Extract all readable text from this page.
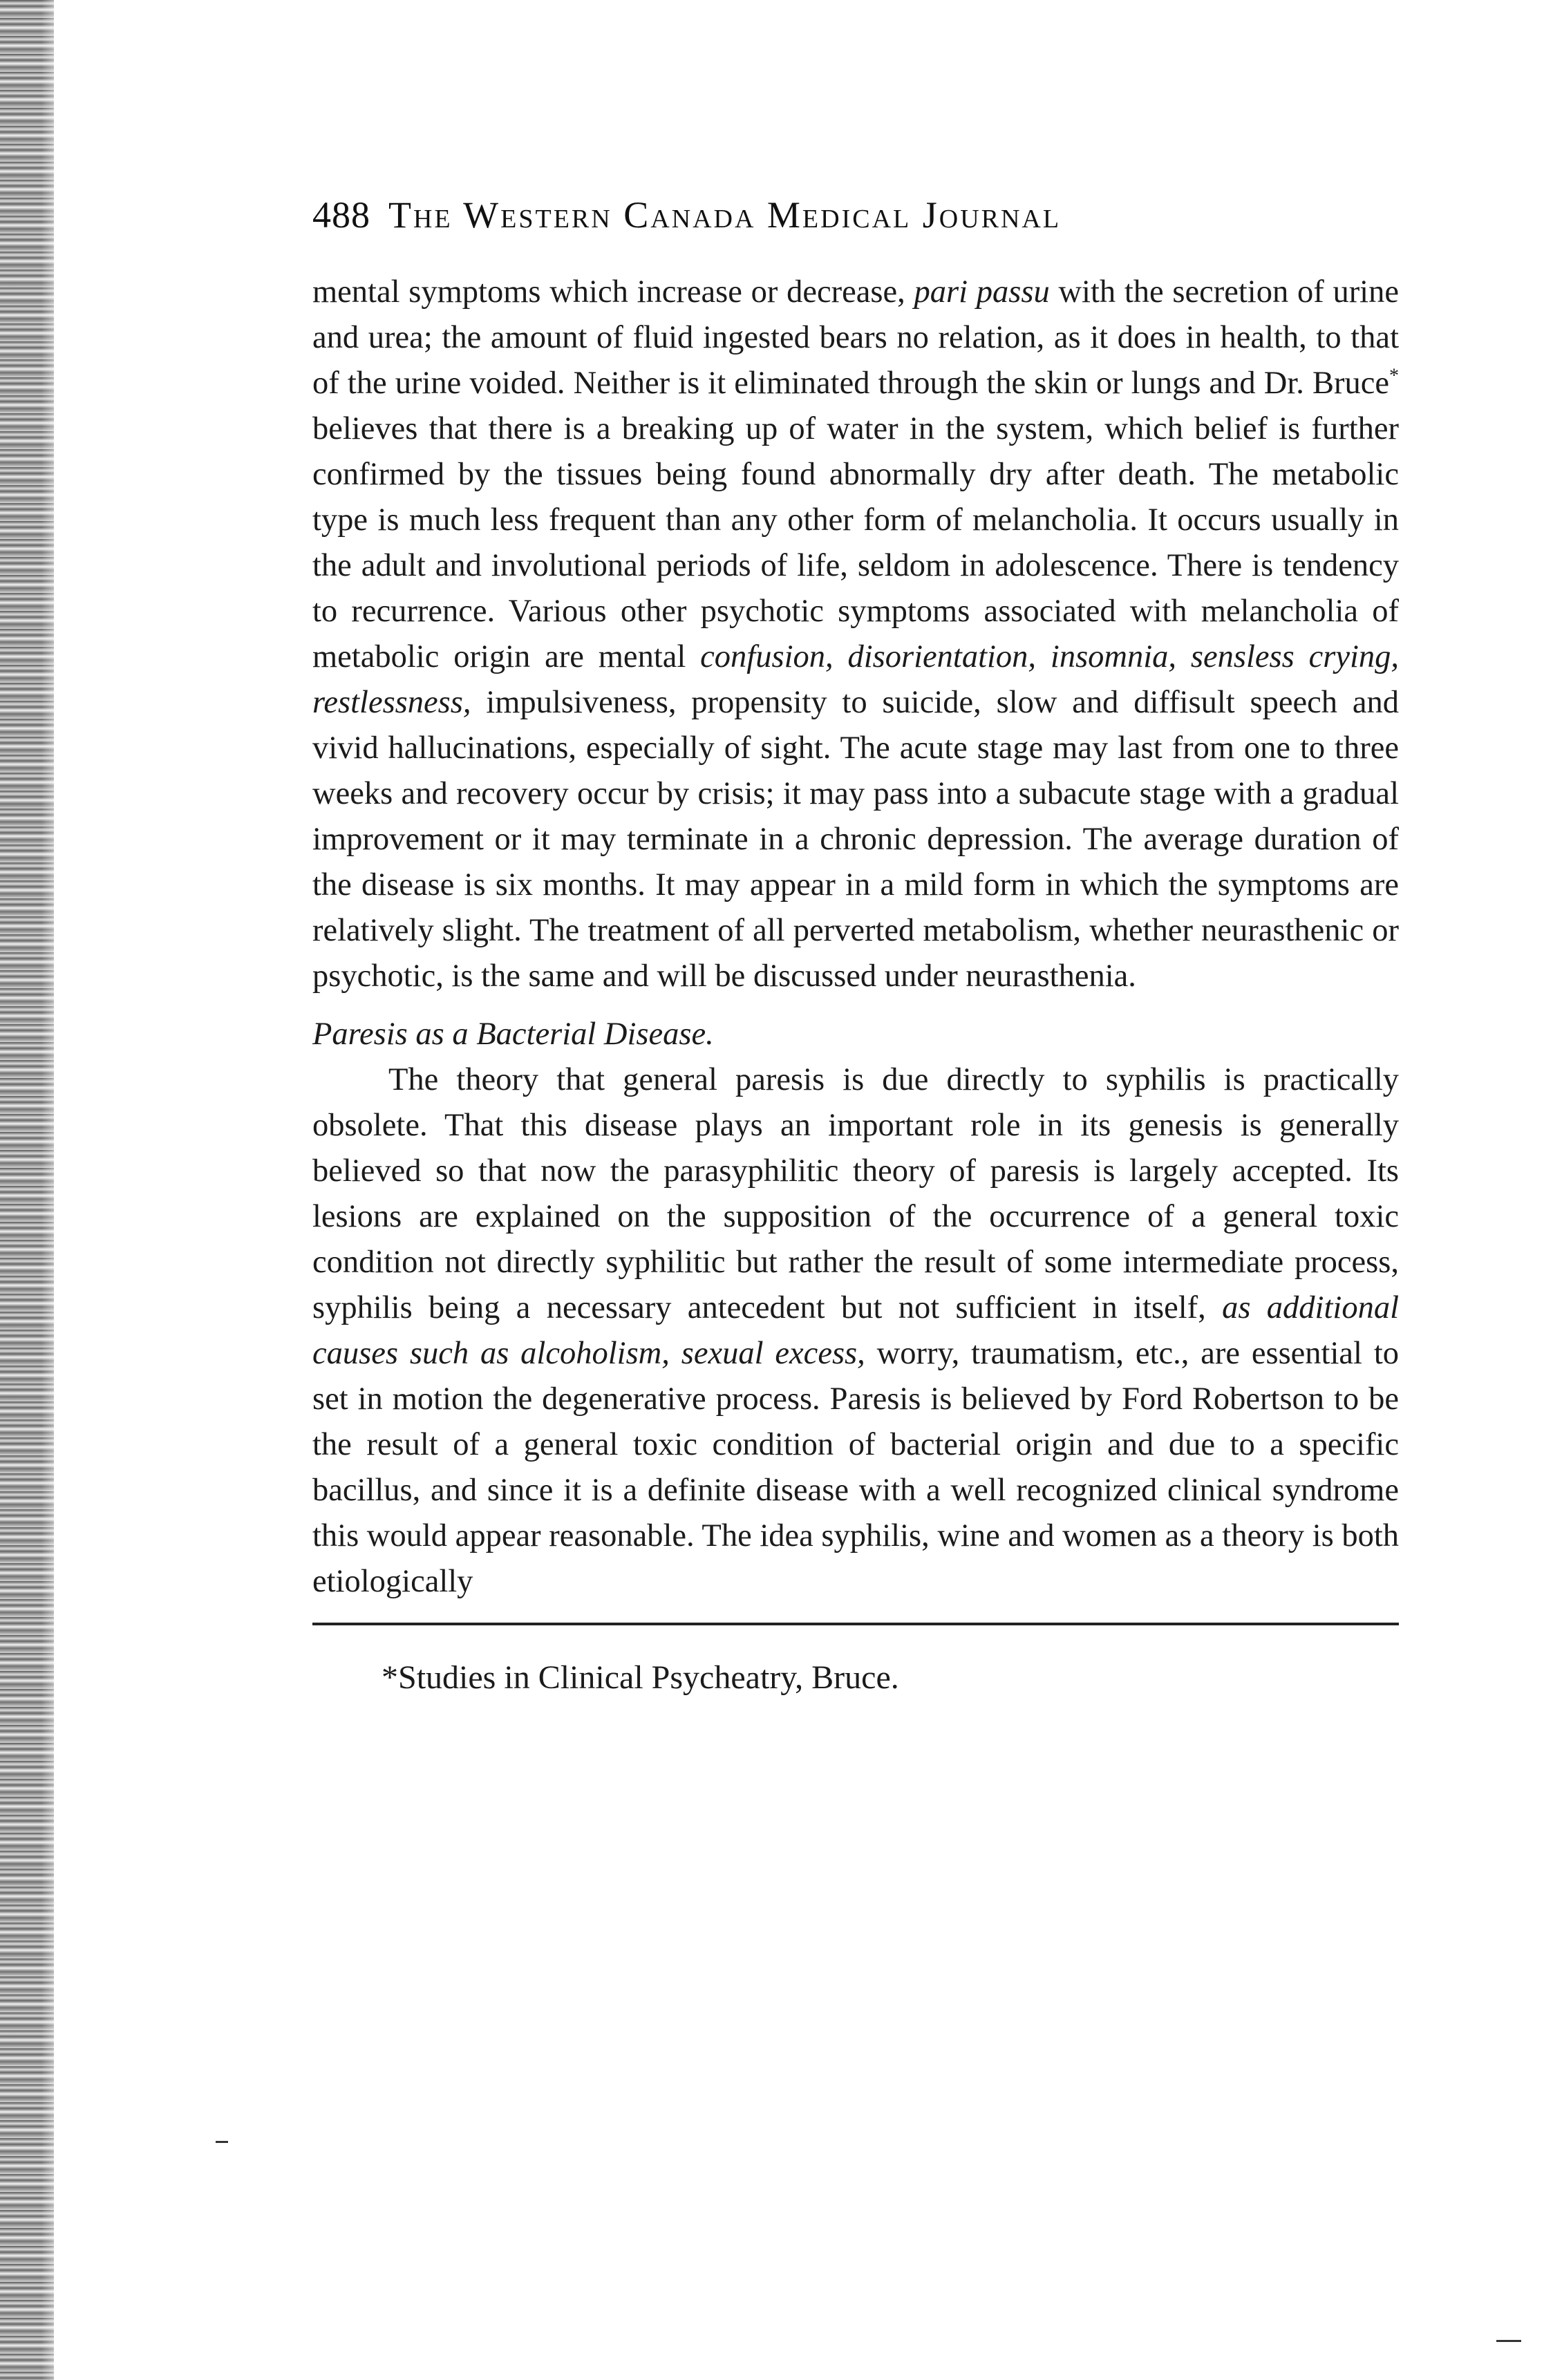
488 The Western Canada Medical Journal

mental symptoms which increase or decrease, pari passu with the secretion of urine and urea; the amount of fluid ingested bears no relation, as it does in health, to that of the urine voided. Neither is it eliminated through the skin or lungs and Dr. Bruce* believes that there is a breaking up of water in the system, which belief is further confirmed by the tissues being found abnormally dry after death. The metabolic type is much less frequent than any other form of melancholia. It occurs usually in the adult and involutional periods of life, seldom in adolescence. There is tendency to recurrence. Various other psychotic symptoms associated with melancholia of metabolic origin are mental confusion, disorientation, insomnia, sensless crying, restlessness, impulsiveness, propensity to suicide, slow and diffisult speech and vivid hallucinations, especially of sight. The acute stage may last from one to three weeks and recovery occur by crisis; it may pass into a subacute stage with a gradual improvement or it may terminate in a chronic depression. The average duration of the disease is six months. It may appear in a mild form in which the symptoms are relatively slight. The treatment of all perverted metabolism, whether neurasthenic or psychotic, is the same and will be discussed under neurasthenia.

Paresis as a Bacterial Disease.

The theory that general paresis is due directly to syphilis is practically obsolete. That this disease plays an important role in its genesis is generally believed so that now the parasyphilitic theory of paresis is largely accepted. Its lesions are explained on the supposition of the occurrence of a general toxic condition not directly syphilitic but rather the result of some intermediate process, syphilis being a necessary antecedent but not sufficient in itself, as additional causes such as alcoholism, sexual excess, worry, traumatism, etc., are essential to set in motion the degenerative process. Paresis is believed by Ford Robertson to be the result of a general toxic condition of bacterial origin and due to a specific bacillus, and since it is a definite disease with a well recognized clinical syndrome this would appear reasonable. The idea syphilis, wine and women as a theory is both etiologically

*Studies in Clinical Psycheatry, Bruce.
